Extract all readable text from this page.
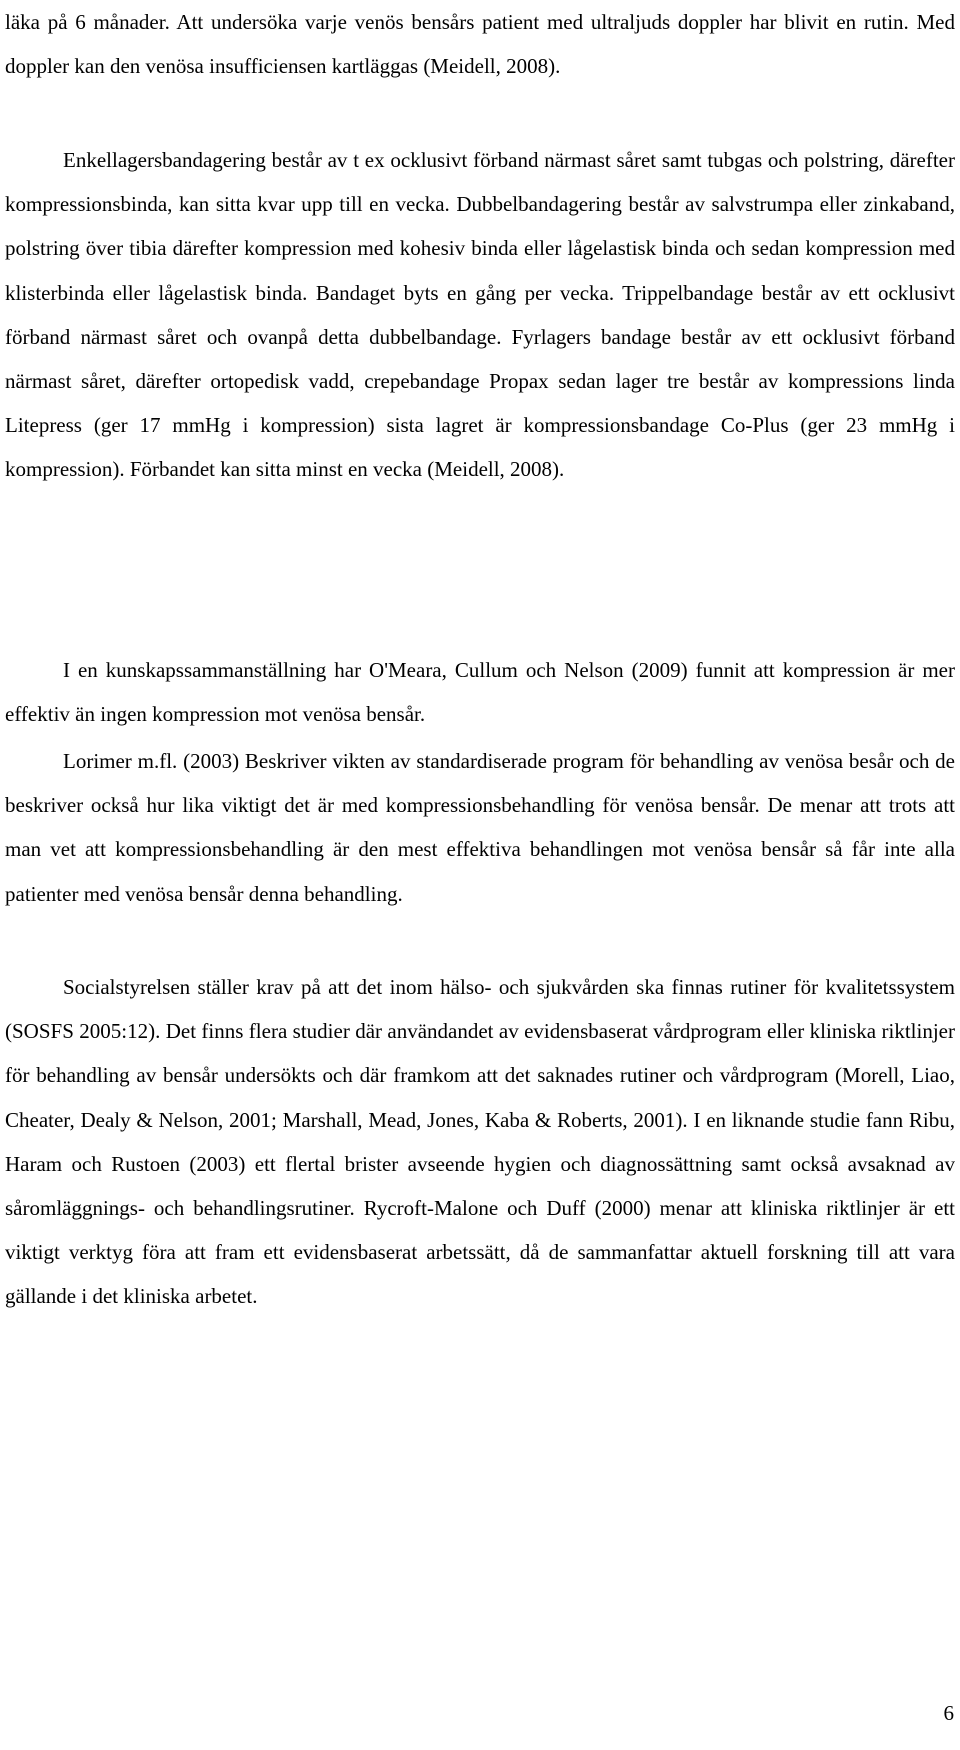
läka på 6 månader. Att undersöka varje venös bensårs patient med ultraljuds doppler har blivit en rutin. Med doppler kan den venösa insufficiensen kartläggas (Meidell, 2008).

Enkellagersbandagering består av t ex ocklusivt förband närmast såret samt tubgas och polstring, därefter kompressionsbinda, kan sitta kvar upp till en vecka. Dubbelbandagering består av salvstrumpa eller zinkaband, polstring över tibia därefter kompression med kohesiv binda eller lågelastisk binda och sedan kompression med klisterbinda eller lågelastisk binda. Bandaget byts en gång per vecka. Trippelbandage består av ett ocklusivt förband närmast såret och ovanpå detta dubbelbandage. Fyrlagers bandage består av ett ocklusivt förband närmast såret, därefter ortopedisk vadd, crepebandage Propax sedan lager tre består av kompressions linda Litepress (ger 17 mmHg i kompression) sista lagret är kompressionsbandage Co-Plus (ger 23 mmHg i kompression). Förbandet kan sitta minst en vecka (Meidell, 2008).

I en kunskapssammanställning har O'Meara, Cullum och Nelson (2009) funnit att kompression är mer effektiv än ingen kompression mot venösa bensår.

Lorimer m.fl. (2003) Beskriver vikten av standardiserade program för behandling av venösa besår och de beskriver också hur lika viktigt det är med kompressionsbehandling för venösa bensår. De menar att trots att man vet att kompressionsbehandling är den mest effektiva behandlingen mot venösa bensår så får inte alla patienter med venösa bensår denna behandling.

Socialstyrelsen ställer krav på att det inom hälso- och sjukvården ska finnas rutiner för kvalitetssystem (SOSFS 2005:12). Det finns flera studier där användandet av evidensbaserat vårdprogram eller kliniska riktlinjer för behandling av bensår undersökts och där framkom att det saknades rutiner och vårdprogram (Morell, Liao, Cheater, Dealy & Nelson, 2001; Marshall, Mead, Jones, Kaba & Roberts, 2001). I en liknande studie fann Ribu, Haram och Rustoen (2003) ett flertal brister avseende hygien och diagnossättning samt också avsaknad av såromläggnings- och behandlingsrutiner. Rycroft-Malone och Duff (2000) menar att kliniska riktlinjer är ett viktigt verktyg föra att fram ett evidensbaserat arbetssätt, då de sammanfattar aktuell forskning till att vara gällande i det kliniska arbetet.

6
